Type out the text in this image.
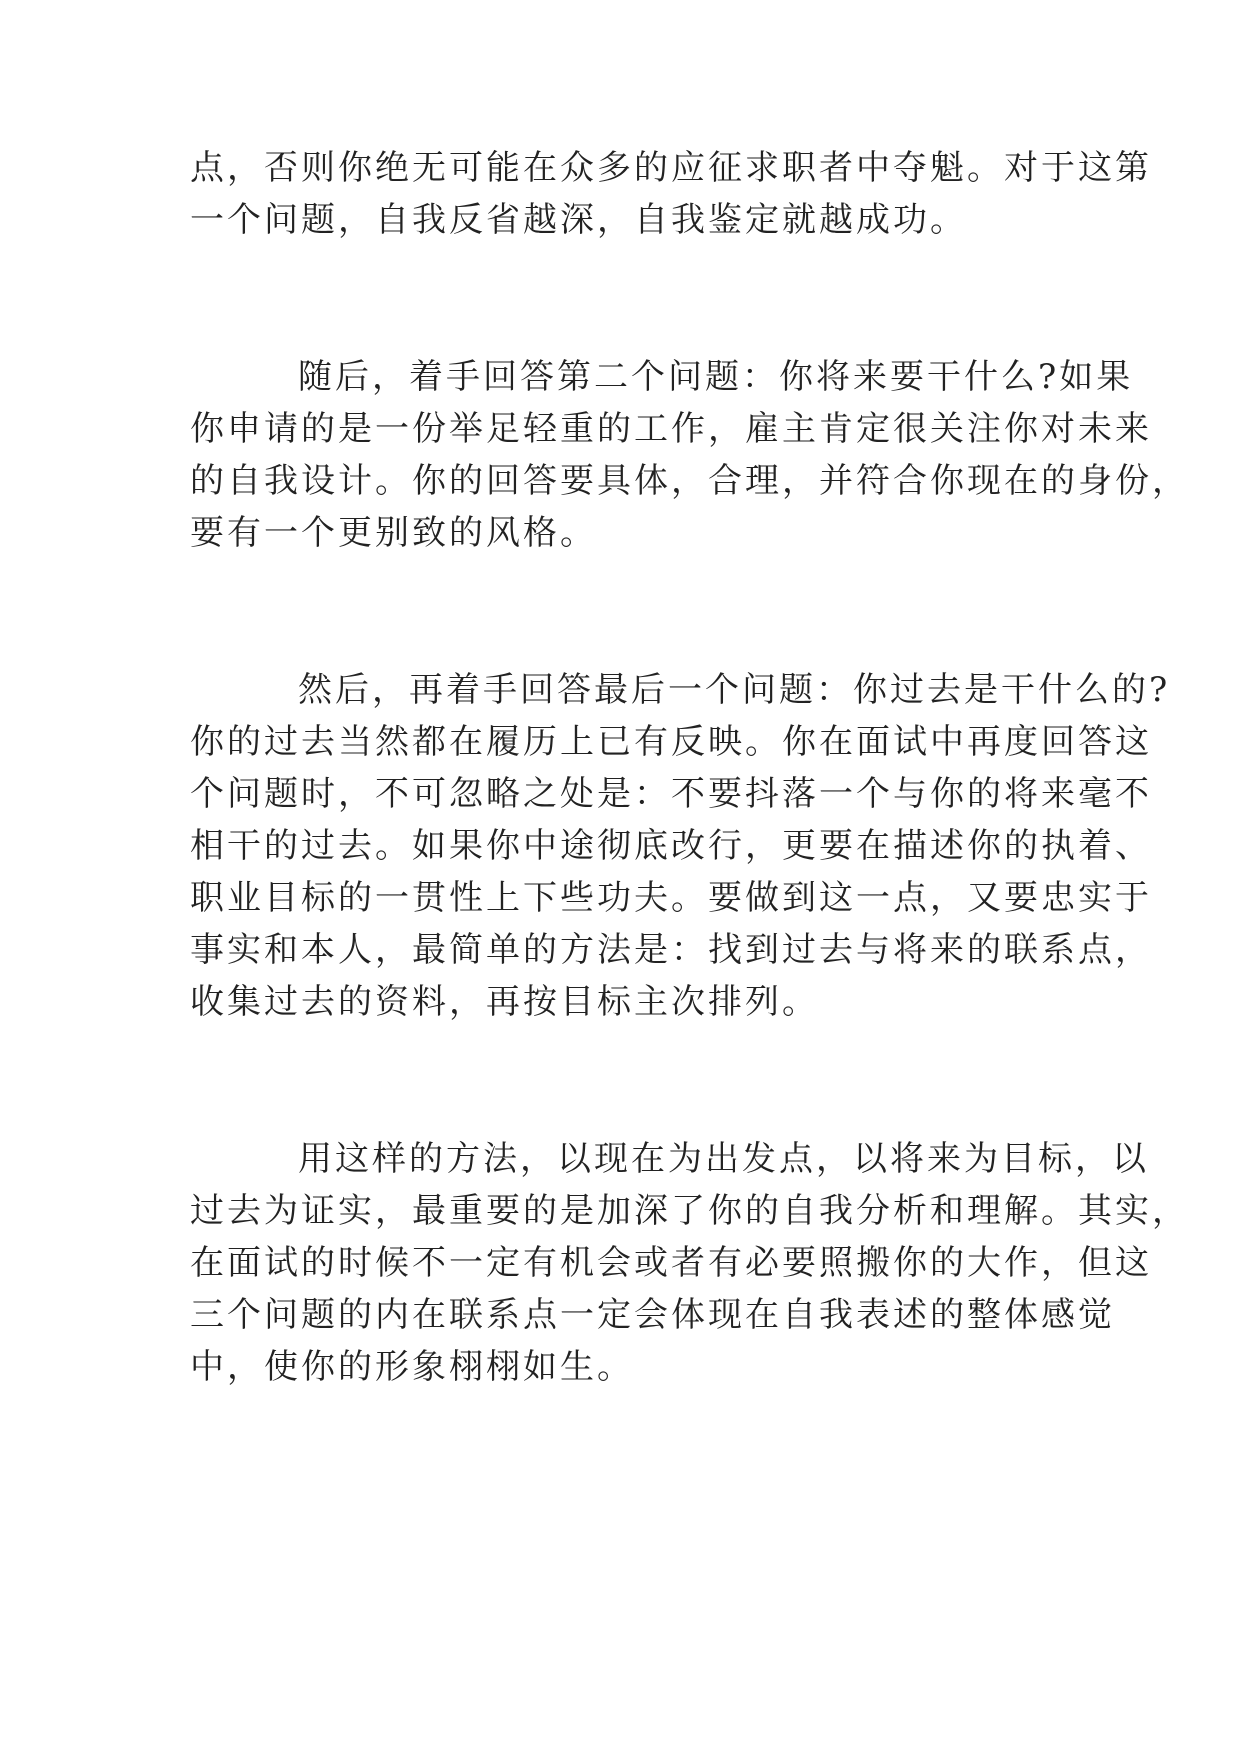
点，否则你绝无可能在众多的应征求职者中夺魁。对于这第

一个问题，自我反省越深，自我鉴定就越成功。

随后，着手回答第二个问题：你将来要干什么?如果

你申请的是一份举足轻重的工作，雇主肯定很关注你对未来

的自我设计。你的回答要具体，合理，并符合你现在的身份，

要有一个更别致的风格。

然后，再着手回答最后一个问题：你过去是干什么的?

你的过去当然都在履历上已有反映。你在面试中再度回答这

个问题时，不可忽略之处是：不要抖落一个与你的将来毫不

相干的过去。如果你中途彻底改行，更要在描述你的执着、

职业目标的一贯性上下些功夫。要做到这一点，又要忠实于

事实和本人，最简单的方法是：找到过去与将来的联系点，

收集过去的资料，再按目标主次排列。

用这样的方法，以现在为出发点，以将来为目标，以

过去为证实，最重要的是加深了你的自我分析和理解。其实，

在面试的时候不一定有机会或者有必要照搬你的大作，但这

三个问题的内在联系点一定会体现在自我表述的整体感觉

中，使你的形象栩栩如生。
